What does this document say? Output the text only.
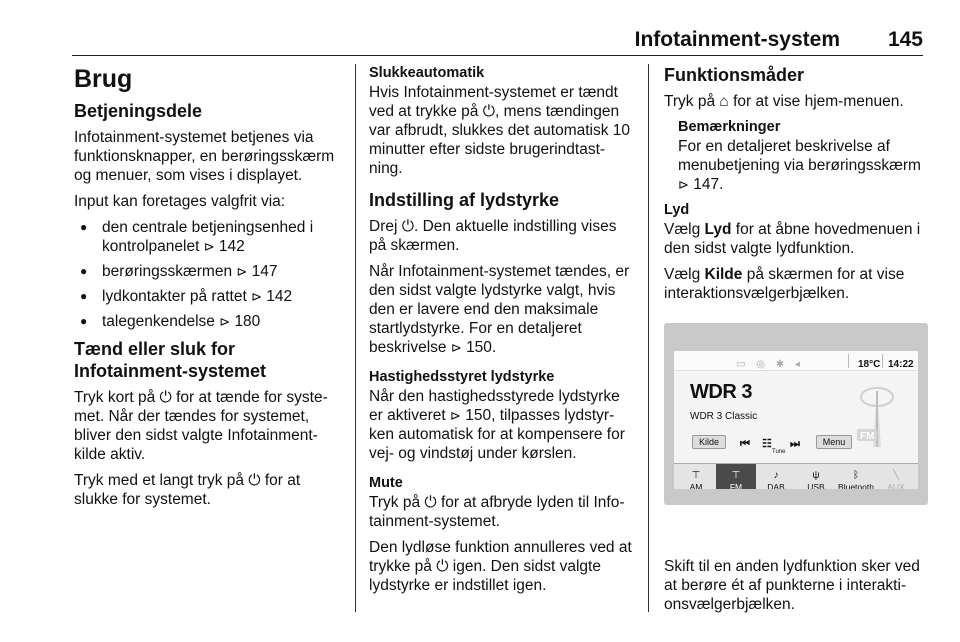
Infotainment-system 145
Brug
Betjeningsdele

Infotainment-systemet betjenes via funktionsknapper, en berøringsskærm og menuer, som vises i displayet.

Input kan foretages valgfrit via:

● den centrale betjeningsenhed i kontrolpanelet ⊳ 142
● berøringsskærmen ⊳ 147
● lydkontakter på rattet ⊳ 142
● talegenkendelse ⊳ 180
Tænd eller sluk for Infotainment-systemet

Tryk kort på ⏻ for at tænde for systemet. Når der tændes for systemet, bliver den sidst valgte Infotainment-kilde aktiv.

Tryk med et langt tryk på ⏻ for at slukke for systemet.

Slukkeautomatik

Hvis Infotainment-systemet er tændt ved at trykke på ⏻, mens tændingen var afbrudt, slukkes det automatisk 10 minutter efter sidste brugerindtastning.

Indstilling af lydstyrke

Drej ⏻. Den aktuelle indstilling vises på skærmen.

Når Infotainment-systemet tændes, er den sidst valgte lydstyrke valgt, hvis den er lavere end den maksimale startlydstyrke. For en detaljeret beskrivelse ⊳ 150.

Hastighedsstyret lydstyrke

Når den hastighedsstyrede lydstyrke er aktiveret ⊳ 150, tilpasses lydstyrken automatisk for at kompensere for vej- og vindstøj under kørslen.

Mute

Tryk på ⏻ for at afbryde lyden til Infotainment-systemet.

Den lydløse funktion annulleres ved at trykke på ⏻ igen. Den sidst valgte lydstyrke er indstillet igen.

Funktionsmåder

Tryk på ⌂ for at vise hjem-menuen.

Bemærkninger

For en detaljeret beskrivelse af menubetjening via berøringsskærm
⊳ 147.

Lyd

Vælg Lyd for at åbne hovedmenuen i den sidst valgte lydfunktion.

Vælg Kilde på skærmen for at vise interaktionsvælgerbjælken.

▭ ◎ ✱ ◂	18°C 14:22
WDR 3
WDR 3 Classic
FM
Kilde	⏮ ☷
Tune
⏭	Menu
⊤
AM
⊤
FM
♪
DAB
ψ
USB
ᛒ
Bluetooth
╲
AUX

Skift til en anden lydfunktion sker ved at berøre ét af punkterne i interaktionsvælgerbjælken.
